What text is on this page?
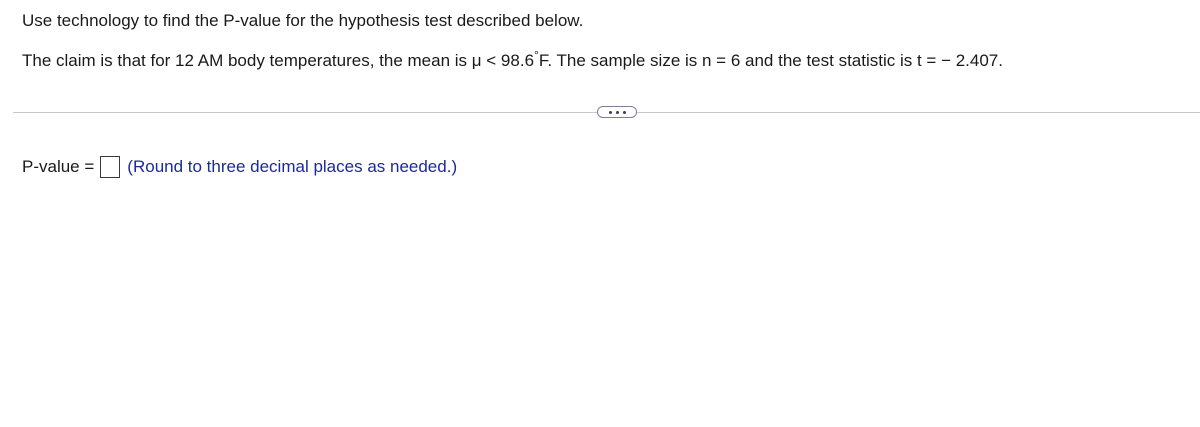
Use technology to find the P-value for the hypothesis test described below.
The claim is that for 12 AM body temperatures, the mean is μ < 98.6°F. The sample size is n = 6 and the test statistic is t = − 2.407.
P-value = (Round to three decimal places as needed.)
